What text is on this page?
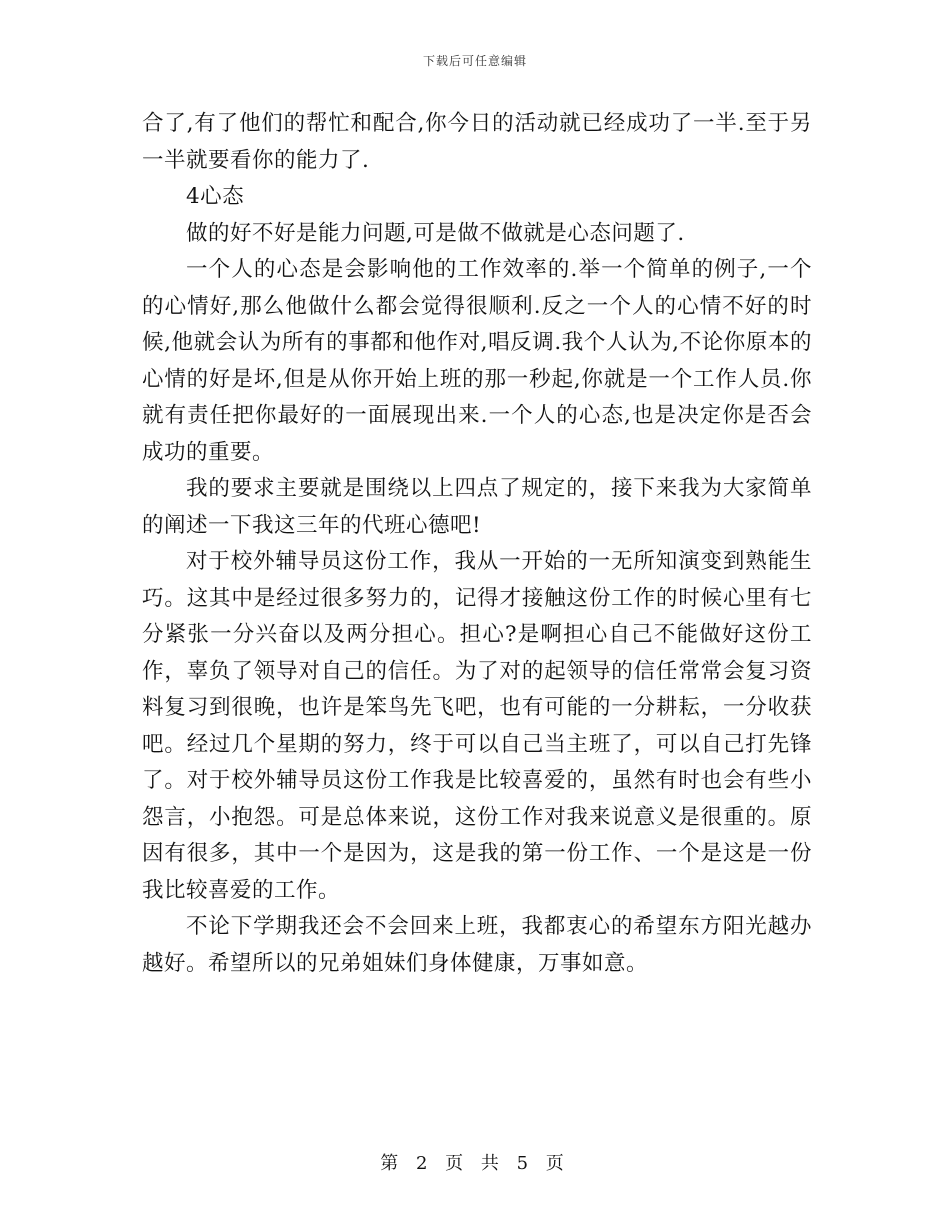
下载后可任意编辑

合了,有了他们的帮忙和配合,你今日的活动就已经成功了一半.至于另一半就要看你的能力了.

4心态

做的好不好是能力问题,可是做不做就是心态问题了.

一个人的心态是会影响他的工作效率的.举一个简单的例子,一个的心情好,那么他做什么都会觉得很顺利.反之一个人的心情不好的时候,他就会认为所有的事都和他作对,唱反调.我个人认为,不论你原本的心情的好是坏,但是从你开始上班的那一秒起,你就是一个工作人员.你就有责任把你最好的一面展现出来.一个人的心态,也是决定你是否会成功的重要。

我的要求主要就是围绕以上四点了规定的，接下来我为大家简单的阐述一下我这三年的代班心德吧!

对于校外辅导员这份工作，我从一开始的一无所知演变到熟能生巧。这其中是经过很多努力的，记得才接触这份工作的时候心里有七分紧张一分兴奋以及两分担心。担心?是啊担心自己不能做好这份工作，辜负了领导对自己的信任。为了对的起领导的信任常常会复习资料复习到很晚，也许是笨鸟先飞吧，也有可能的一分耕耘，一分收获吧。经过几个星期的努力，终于可以自己当主班了，可以自己打先锋了。对于校外辅导员这份工作我是比较喜爱的，虽然有时也会有些小怨言，小抱怨。可是总体来说，这份工作对我来说意义是很重的。原因有很多，其中一个是因为，这是我的第一份工作、一个是这是一份我比较喜爱的工作。

不论下学期我还会不会回来上班，我都衷心的希望东方阳光越办越好。希望所以的兄弟姐妹们身体健康，万事如意。

第 2 页 共 5 页
